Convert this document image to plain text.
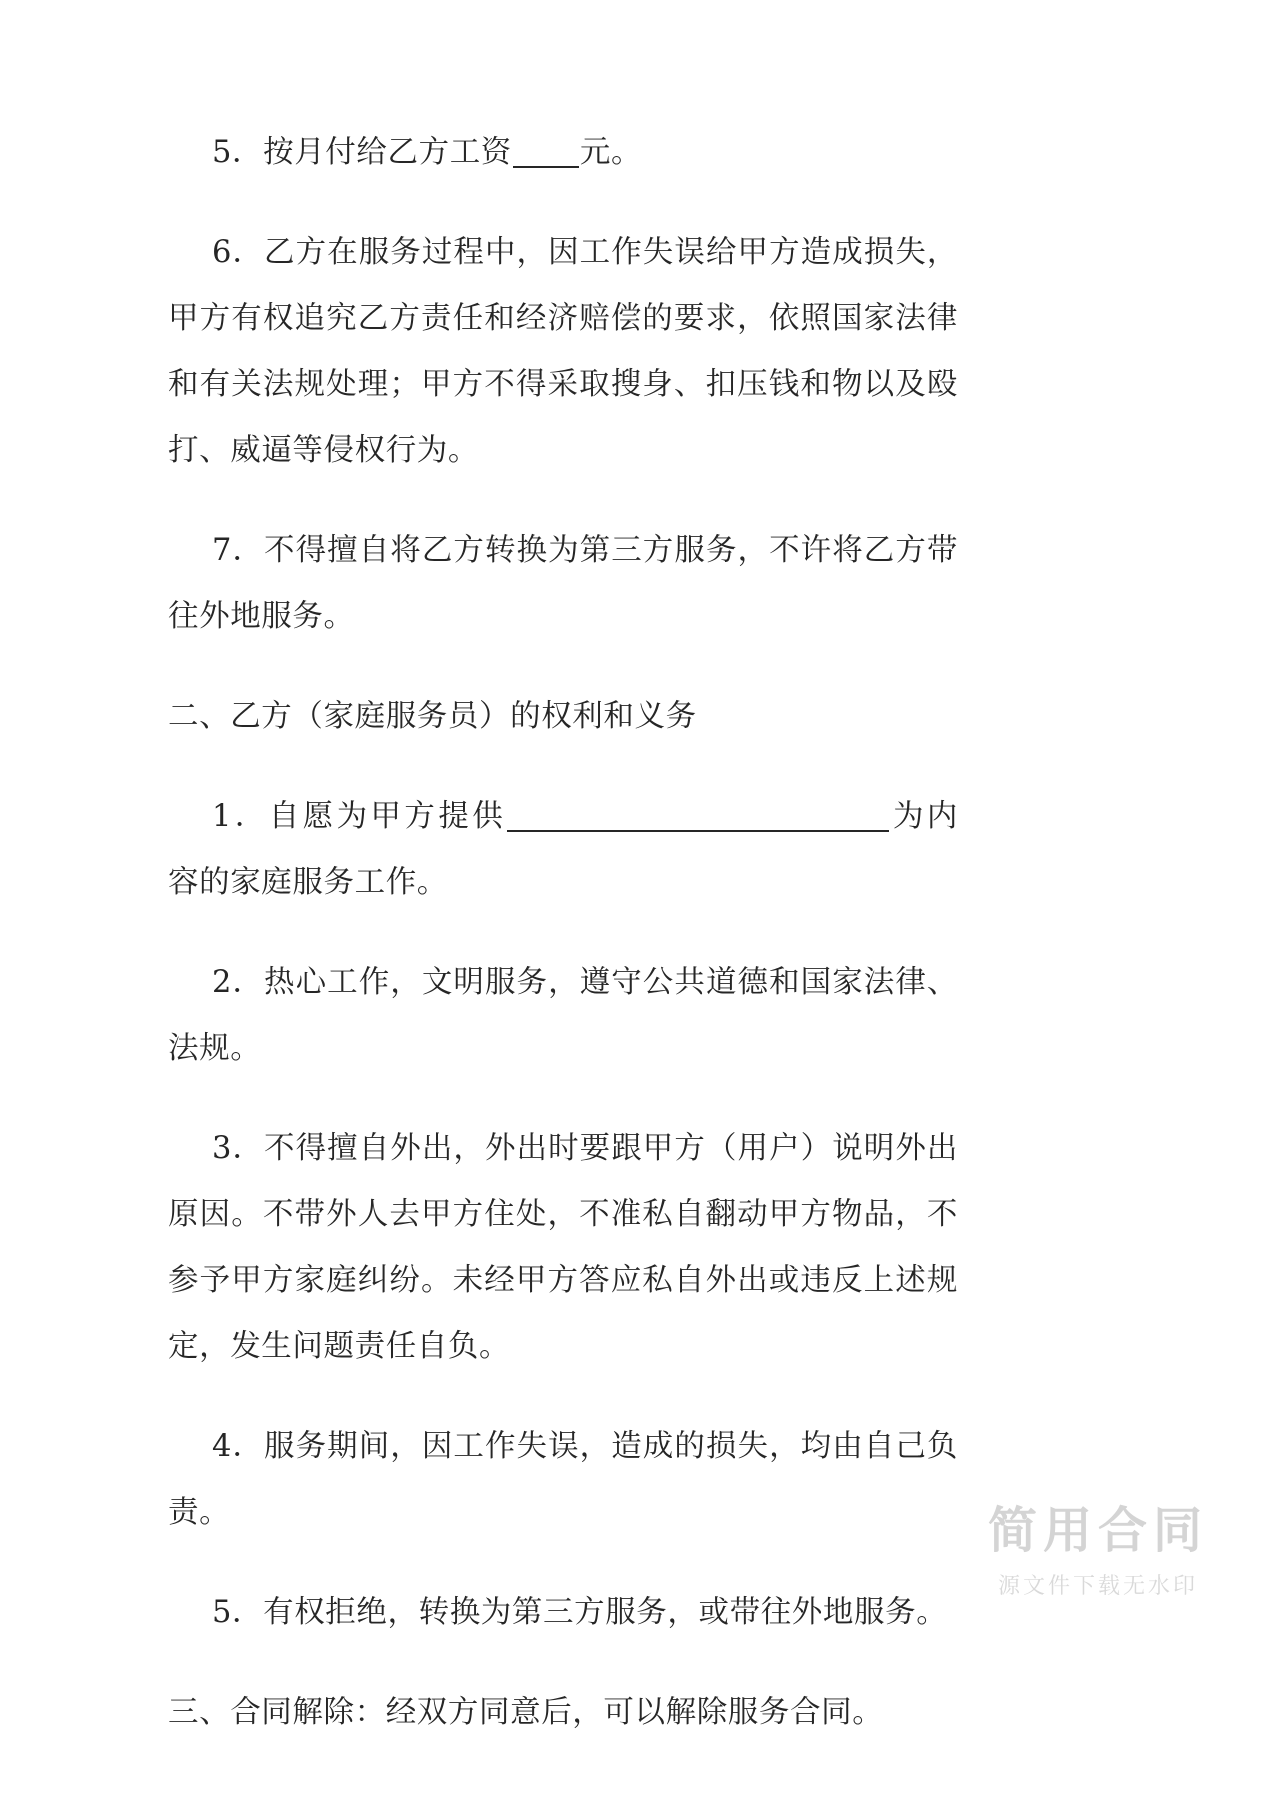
5．按月付给乙方工资 元。

6．乙方在服务过程中，因工作失误给甲方造成损失，甲方有权追究乙方责任和经济赔偿的要求，依照国家法律和有关法规处理；甲方不得采取搜身、扣压钱和物以及殴打、威逼等侵权行为。

7．不得擅自将乙方转换为第三方服务，不许将乙方带往外地服务。

二、乙方（家庭服务员）的权利和义务

1．自愿为甲方提供	为内容的家庭服务工作。

2．热心工作，文明服务，遵守公共道德和国家法律、法规。

3．不得擅自外出，外出时要跟甲方（用户）说明外出原因。不带外人去甲方住处，不准私自翻动甲方物品，不参予甲方家庭纠纷。未经甲方答应私自外出或违反上述规定，发生问题责任自负。

4．服务期间，因工作失误，造成的损失，均由自己负责。

5．有权拒绝，转换为第三方服务，或带往外地服务。

三、合同解除：经双方同意后，可以解除服务合同。

简用合同
源文件下载无水印
